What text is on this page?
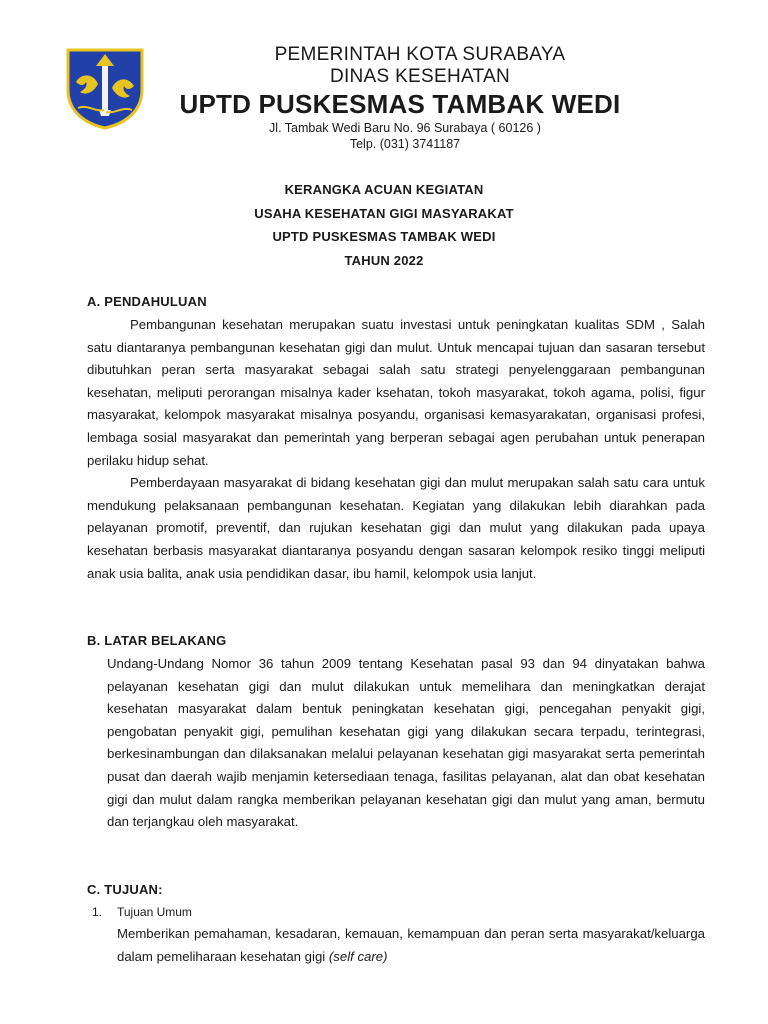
PEMERINTAH KOTA SURABAYA
DINAS KESEHATAN
UPTD PUSKESMAS TAMBAK WEDI
Jl. Tambak Wedi Baru No. 96 Surabaya ( 60126 )
Telp. (031) 3741187
KERANGKA ACUAN KEGIATAN
USAHA KESEHATAN GIGI MASYARAKAT
UPTD PUSKESMAS TAMBAK WEDI
TAHUN 2022
A. PENDAHULUAN

Pembangunan kesehatan merupakan suatu investasi untuk peningkatan kualitas SDM , Salah satu diantaranya pembangunan kesehatan gigi dan mulut. Untuk mencapai tujuan dan sasaran tersebut dibutuhkan peran serta masyarakat sebagai salah satu strategi penyelenggaraan pembangunan kesehatan, meliputi perorangan misalnya kader ksehatan, tokoh masyarakat, tokoh agama, polisi, figur masyarakat, kelompok masyarakat misalnya posyandu, organisasi kemasyarakatan, organisasi profesi, lembaga sosial masyarakat dan pemerintah yang berperan sebagai agen perubahan untuk penerapan perilaku hidup sehat.

Pemberdayaan masyarakat di bidang kesehatan gigi dan mulut merupakan salah satu cara untuk mendukung pelaksanaan pembangunan kesehatan. Kegiatan yang dilakukan lebih diarahkan pada pelayanan promotif, preventif, dan rujukan kesehatan gigi dan mulut yang dilakukan pada upaya kesehatan berbasis masyarakat diantaranya posyandu dengan sasaran kelompok resiko tinggi meliputi anak usia balita, anak usia pendidikan dasar, ibu hamil, kelompok usia lanjut.

B. LATAR BELAKANG

Undang-Undang Nomor 36 tahun 2009 tentang Kesehatan pasal 93 dan 94 dinyatakan bahwa pelayanan kesehatan gigi dan mulut dilakukan untuk memelihara dan meningkatkan derajat kesehatan masyarakat dalam bentuk peningkatan kesehatan gigi, pencegahan penyakit gigi, pengobatan penyakit gigi, pemulihan kesehatan gigi yang dilakukan secara terpadu, terintegrasi, berkesinambungan dan dilaksanakan melalui pelayanan kesehatan gigi masyarakat serta pemerintah pusat dan daerah wajib menjamin ketersediaan tenaga, fasilitas pelayanan, alat dan obat kesehatan gigi dan mulut dalam rangka memberikan pelayanan kesehatan gigi dan mulut yang aman, bermutu dan terjangkau oleh masyarakat.

C. TUJUAN:
1. Tujuan Umum

Memberikan pemahaman, kesadaran, kemauan, kemampuan dan peran serta masyarakat/keluarga dalam pemeliharaan kesehatan gigi (self care)
